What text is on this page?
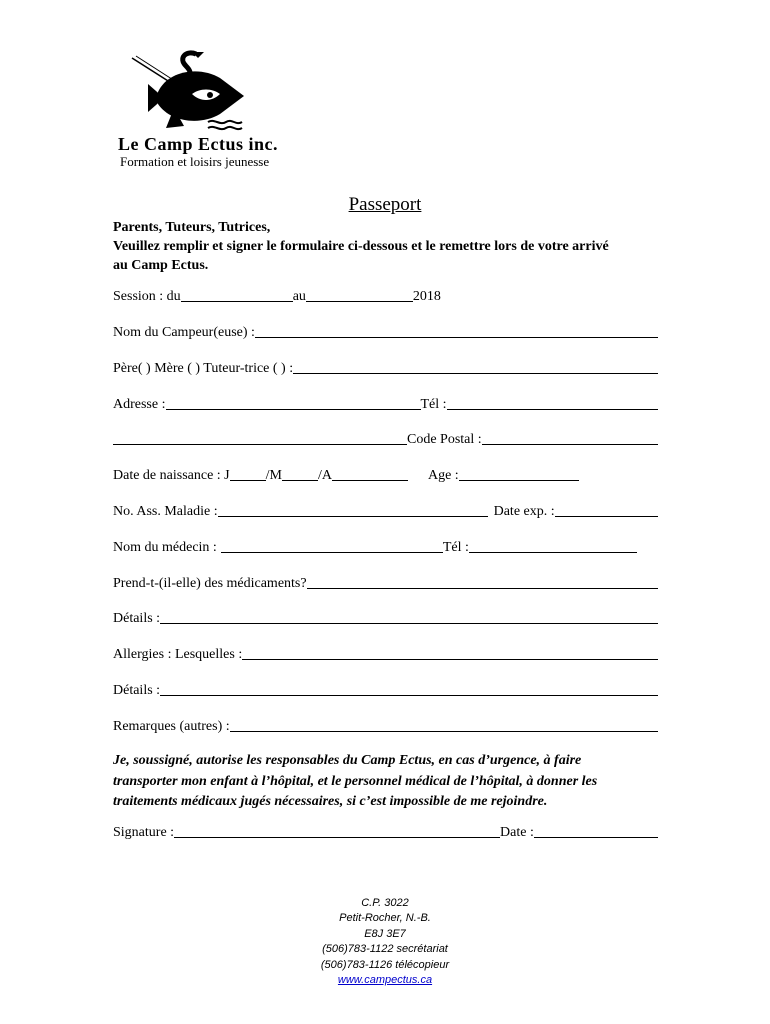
Le Camp Ectus inc.
Formation et loisirs jeunesse
Passeport
Parents, Tuteurs, Tutrices,
Veuillez remplir et signer le formulaire ci-dessous et le remettre lors de votre arrivé
au Camp Ectus.
Session : du	au	2018
Nom du Campeur(euse) :
Père( ) Mère ( ) Tuteur-trice ( ) :
Adresse :	Tél :
Code Postal :
Date de naissance : J	/M	/A	Age :
No. Ass. Maladie :	Date exp. :
Nom du médecin :	Tél :
Prend-t-(il-elle) des médicaments?
Détails :
Allergies : Lesquelles :
Détails :
Remarques (autres) :
Je, soussigné, autorise les responsables du Camp Ectus, en cas d’urgence, à faire
transporter mon enfant à l’hôpital, et le personnel médical de l’hôpital, à donner les
traitements médicaux jugés nécessaires, si c’est impossible de me rejoindre.
Signature :	Date :
C.P. 3022
Petit-Rocher, N.-B.
E8J 3E7
(506)783-1122 secrétariat
(506)783-1126 télécopieur
www.campectus.ca
